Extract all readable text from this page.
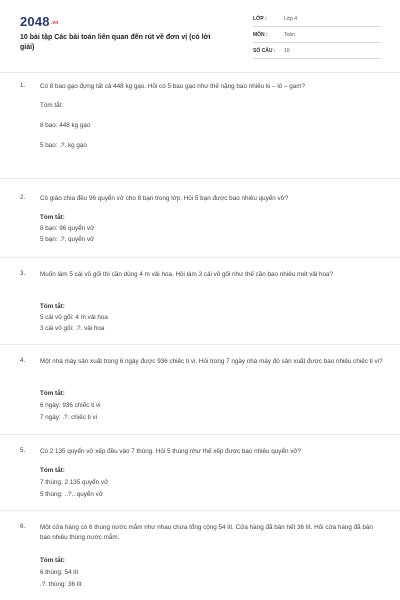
2048.vn
10 bài tập Các bài toán liên quan đến rút về đơn vị (có lời giải)
LỚP :	Lớp 4
MÔN :	Toán
SỐ CÂU : 10
1. Có 8 bao gạo đựng tất cả 448 kg gạo. Hỏi có 5 bao gạo như thế nặng bao nhiêu ki – lô – gam?
Tóm tắt:
8 bao: 448 kg gạo
5 bao: .?. kg gạo
2. Cô giáo chia đều 96 quyển vở cho 8 bạn trong lớp. Hỏi 5 bạn được bao nhiêu quyển vở?
Tóm tắt:
8 bạn: 96 quyển vở
5 bạn: .?. quyển vở
3. Muốn làm 5 cái vỏ gối thì cần dùng 4 m vải hoa. Hỏi làm 3 cái vỏ gối như thế cần bao nhiêu mét vải hoa?
Tóm tắt:
5 cái vỏ gối: 4 m vải hoa
3 cái vỏ gối: .?. vải hoa
4. Một nhà máy sản xuất trong 6 ngày được 936 chiếc ti vi. Hỏi trong 7 ngày nhà máy đó sản xuất được bao nhiêu chiếc ti vi?
Tóm tắt:
6 ngày: 936 chiếc ti vi
7 ngày: .?. chiếc ti vi
5. Có 2 135 quyển vở xếp đều vào 7 thùng. Hỏi 5 thùng như thế xếp được bao nhiêu quyển vở?
Tóm tắt:
7 thùng: 2 135 quyển vở
5 thùng: ..?.. quyển vở
6. Một cửa hàng có 6 thùng nước mắm như nhau chứa tổng cộng 54 lít. Cửa hàng đã bán hết 36 lít. Hỏi cửa hàng đã bán bao nhiêu thùng nước mắm.
Tóm tắt:
6 thùng: 54 lít
.?. thùng: 36 lít
